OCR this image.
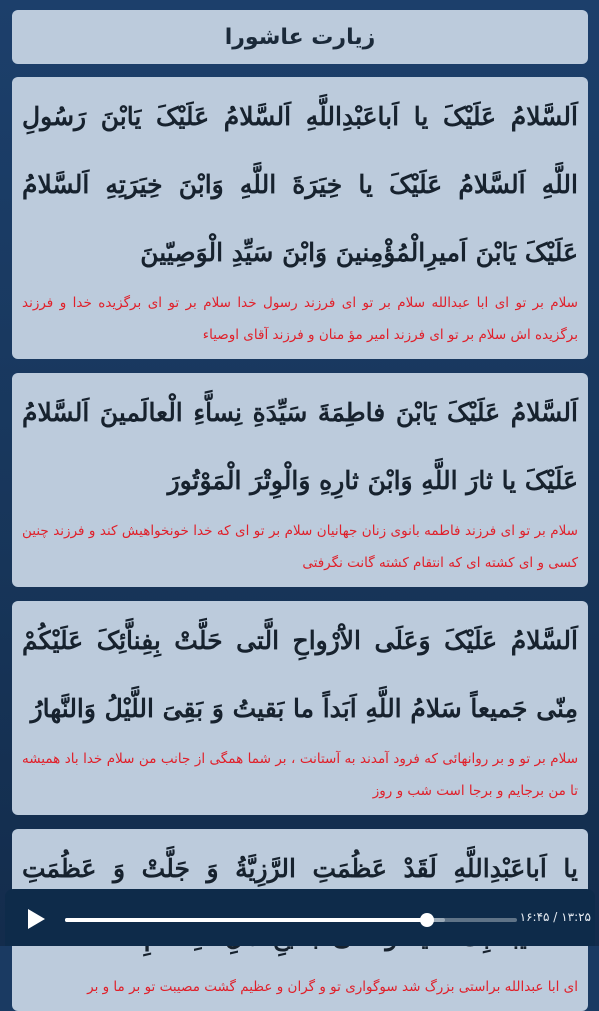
زیارت عاشورا

اَلسَّلامُ عَلَیْکَ یا اَباعَبْدِاللَّهِ اَلسَّلامُ عَلَیْکَ یَابْنَ رَسُولِ اللَّهِ اَلسَّلامُ عَلَیْکَ یا خِیَرَةَ اللَّهِ وَابْنَ خِیَرَتِهِ اَلسَّلامُ عَلَیْکَ یَابْنَ اَمیرِالْمُؤْمِنینَ وَابْنَ سَیِّدِ الْوَصِیّینَ

سلام بر تو ای ابا عبدالله سلام بر تو ای فرزند رسول خدا سلام بر تو ای برگزیده خدا و فرزند برگزیده اش سلام بر تو ای فرزند امیر مؤ منان و فرزند آقای اوصیاء

اَلسَّلامُ عَلَیْکَ یَابْنَ فاطِمَةَ سَیِّدَةِ نِساَّءِ الْعالَمینَ اَلسَّلامُ عَلَیْکَ یا ثارَ اللَّهِ وَابْنَ ثارِهِ وَالْوِتْرَ الْمَوْتُورَ

سلام بر تو ای فرزند فاطمه بانوی زنان جهانیان سلام بر تو ای که خدا خونخواهیش کند و فرزند چنین کسی و ای کشته ای که انتقام کشته گانت نگرفتی

اَلسَّلامُ عَلَیْکَ وَعَلَی الاَْرْواحِ الَّتی حَلَّتْ بِفِناَّئِکَ عَلَیْکُمْ مِنّی جَمیعاً سَلامُ اللَّهِ اَبَداً ما بَقیتُ وَ بَقِیَ اللَّیْلُ وَالنَّهارُ

سلام بر تو و بر روانهائی که فرود آمدند به آستانت ، بر شما همگی از جانب من سلام خدا باد همیشه تا من برجایم و برجا است شب و روز

یا اَباعَبْدِاللَّهِ لَقَدْ عَظُمَتِ الرَّزِیَّةُ وَ جَلَّتْ وَ عَظُمَتِ

ای ابا عبدالله براستی بزرگ شد سوگواری تو و گران و عظیم گشت مصیبت تو بر ما و بر

۱۳:۲۵ / ۱۶:۴۵
